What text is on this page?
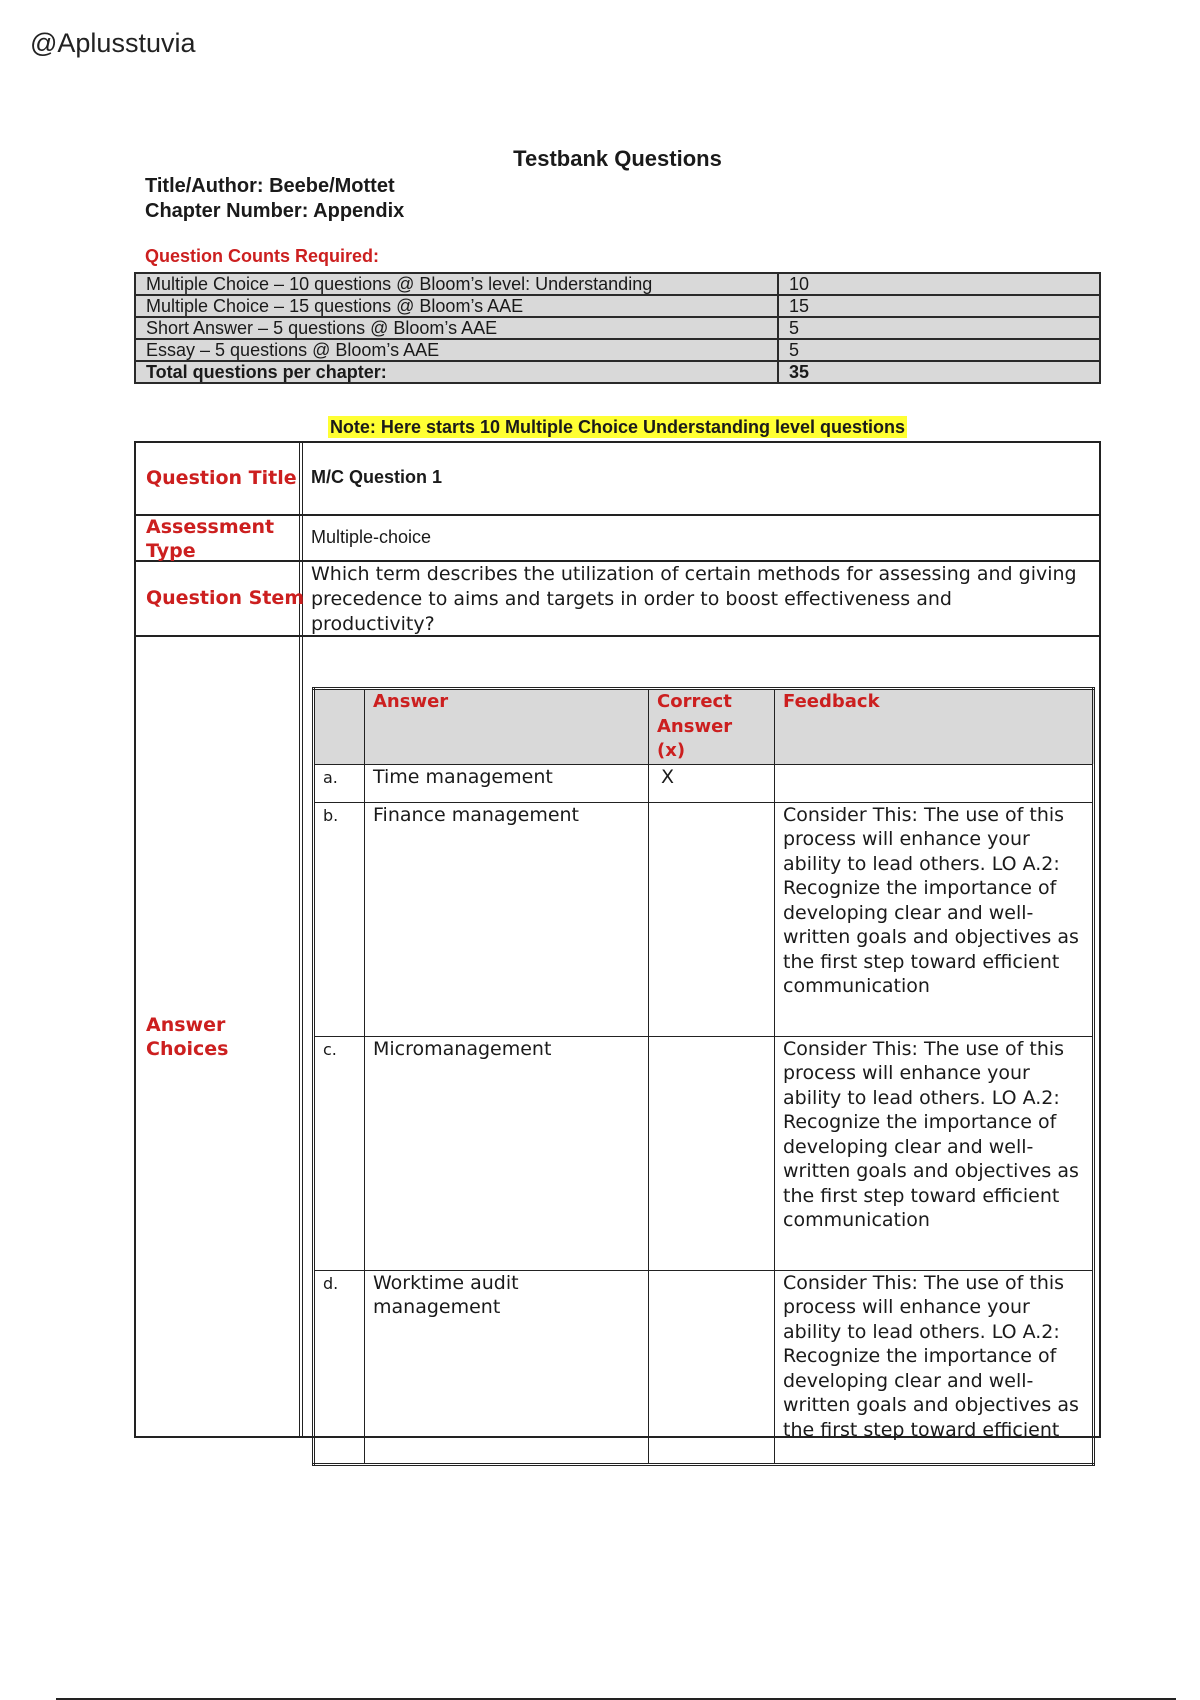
@Aplusstuvia
Testbank Questions
Title/Author: Beebe/Mottet
Chapter Number: Appendix
Question Counts Required:
Multiple Choice – 10 questions @ Bloom’s level: Understanding	10
Multiple Choice – 15 questions @ Bloom’s AAE	15
Short Answer – 5 questions @ Bloom’s AAE	5
Essay – 5 questions @ Bloom’s AAE	5
Total questions per chapter:	35
Note: Here starts 10 Multiple Choice Understanding level questions
Question Title M/C Question 1
Assessment
Type
Multiple-choice
Question Stem
Which term describes the utilization of certain methods for assessing and giving precedence to aims and targets in order to boost effectiveness and productivity?
Answer
Choices
	Answer	Correct Answer (x)	Feedback
a.	Time management	X	
b.	Finance management		Consider This: The use of this process will enhance your ability to lead others. LO A.2: Recognize the importance of developing clear and well-written goals and objectives as the first step toward efficient communication
c.	Micromanagement		Consider This: The use of this process will enhance your ability to lead others. LO A.2: Recognize the importance of developing clear and well-written goals and objectives as the first step toward efficient communication
d.	Worktime audit management		Consider This: The use of this process will enhance your ability to lead others. LO A.2: Recognize the importance of developing clear and well-written goals and objectives as the first step toward efficient
